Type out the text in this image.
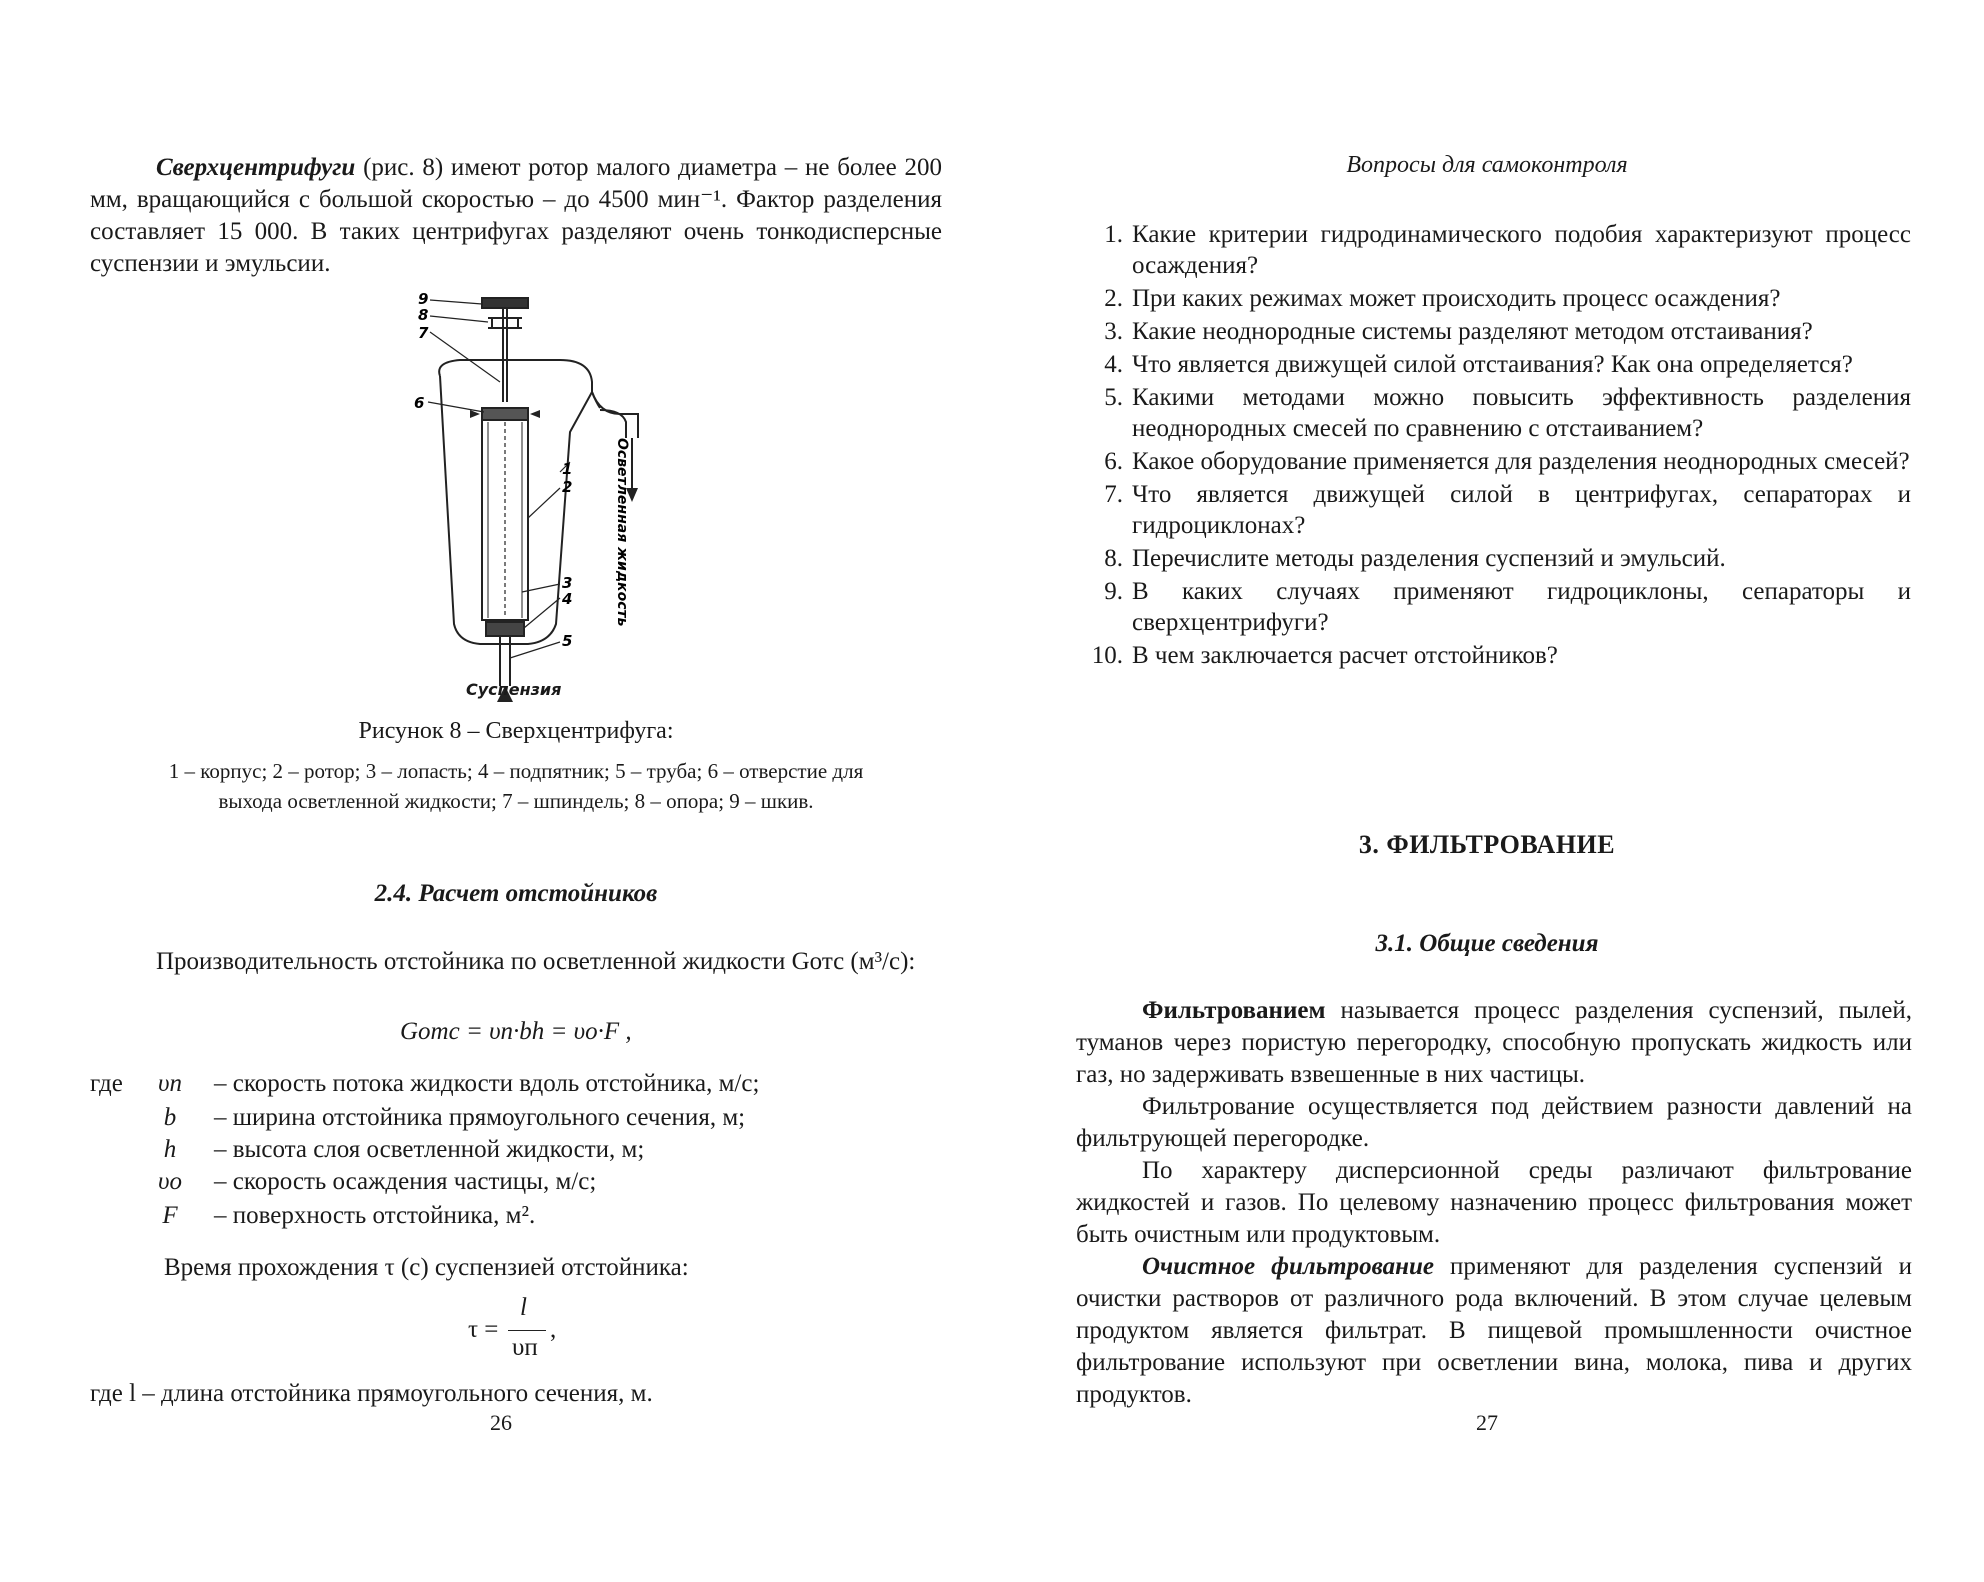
Сверхцентрифуги (рис. 8) имеют ротор малого диаметра – не более 200 мм, вращающийся с большой скоростью – до 4500 мин⁻¹. Фактор разделения составляет 15 000. В таких центрифугах разделяют очень тонкодисперсные суспензии и эмульсии.

9
8
7
6
1
2
3
4
5
Осветленная жидкость
Суспензия
Рисунок 8 – Сверхцентрифуга:
1 – корпус; 2 – ротор; 3 – лопасть; 4 – подпятник; 5 – труба; 6 – отверстие для
выхода осветленной жидкости; 7 – шпиндель; 8 – опора; 9 – шкив.
2.4. Расчет отстойников

Производительность отстойника по осветленной жидкости Gотс (м³/с):

Gотс = υп·bh = υо·F ,
где	υп	– скорость потока жидкости вдоль отстойника, м/с;
b	– ширина отстойника прямоугольного сечения, м;
h	– высота слоя осветленной жидкости, м;
υо	– скорость осаждения частицы, м/с;
F	– поверхность отстойника, м².

Время прохождения τ (с) суспензией отстойника:

τ =
l
υп
,

где l – длина отстойника прямоугольного сечения, м.

26
Вопросы для самоконтроля
1. Какие критерии гидродинамического подобия характеризуют процесс осаждения?
2. При каких режимах может происходить процесс осаждения?
3. Какие неоднородные системы разделяют методом отстаивания?
4. Что является движущей силой отстаивания? Как она определяется?
5. Какими методами можно повысить эффективность разделения неоднородных смесей по сравнению с отстаиванием?
6. Какое оборудование применяется для разделения неоднородных смесей?
7. Что является движущей силой в центрифугах, сепараторах и гидроциклонах?
8. Перечислите методы разделения суспензий и эмульсий.
9. В каких случаях применяют гидроциклоны, сепараторы и сверхцентрифуги?
10. В чем заключается расчет отстойников?
3. ФИЛЬТРОВАНИЕ
3.1. Общие сведения

Фильтрованием называется процесс разделения суспензий, пылей, туманов через пористую перегородку, способную пропускать жидкость или газ, но задерживать взвешенные в них частицы.

Фильтрование осуществляется под действием разности давлений на фильтрующей перегородке.

По характеру дисперсионной среды различают фильтрование жидкостей и газов. По целевому назначению процесс фильтрования может быть очистным или продуктовым.

Очистное фильтрование применяют для разделения суспензий и очистки растворов от различного рода включений. В этом случае целевым продуктом является фильтрат. В пищевой промышленности очистное фильтрование используют при осветлении вина, молока, пива и других продуктов.

27
